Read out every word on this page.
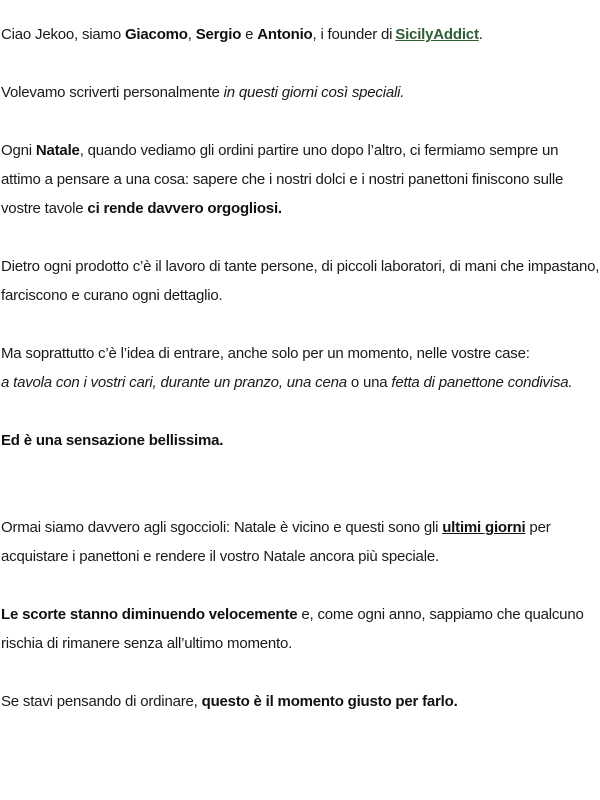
Ciao Jekoo, siamo Giacomo, Sergio e Antonio, i founder di SicilyAddict.

Volevamo scriverti personalmente in questi giorni così speciali.

Ogni Natale, quando vediamo gli ordini partire uno dopo l’altro, ci fermiamo sempre un attimo a pensare a una cosa: sapere che i nostri dolci e i nostri panettoni finiscono sulle vostre tavole ci rende davvero orgogliosi.

Dietro ogni prodotto c’è il lavoro di tante persone, di piccoli laboratori, di mani che impastano, farciscono e curano ogni dettaglio.

Ma soprattutto c’è l’idea di entrare, anche solo per un momento, nelle vostre case:
a tavola con i vostri cari, durante un pranzo, una cena o una fetta di panettone condivisa.

Ed è una sensazione bellissima.

Ormai siamo davvero agli sgoccioli: Natale è vicino e questi sono gli ultimi giorni per acquistare i panettoni e rendere il vostro Natale ancora più speciale.

Le scorte stanno diminuendo velocemente e, come ogni anno, sappiamo che qualcuno rischia di rimanere senza all’ultimo momento.

Se stavi pensando di ordinare, questo è il momento giusto per farlo.
